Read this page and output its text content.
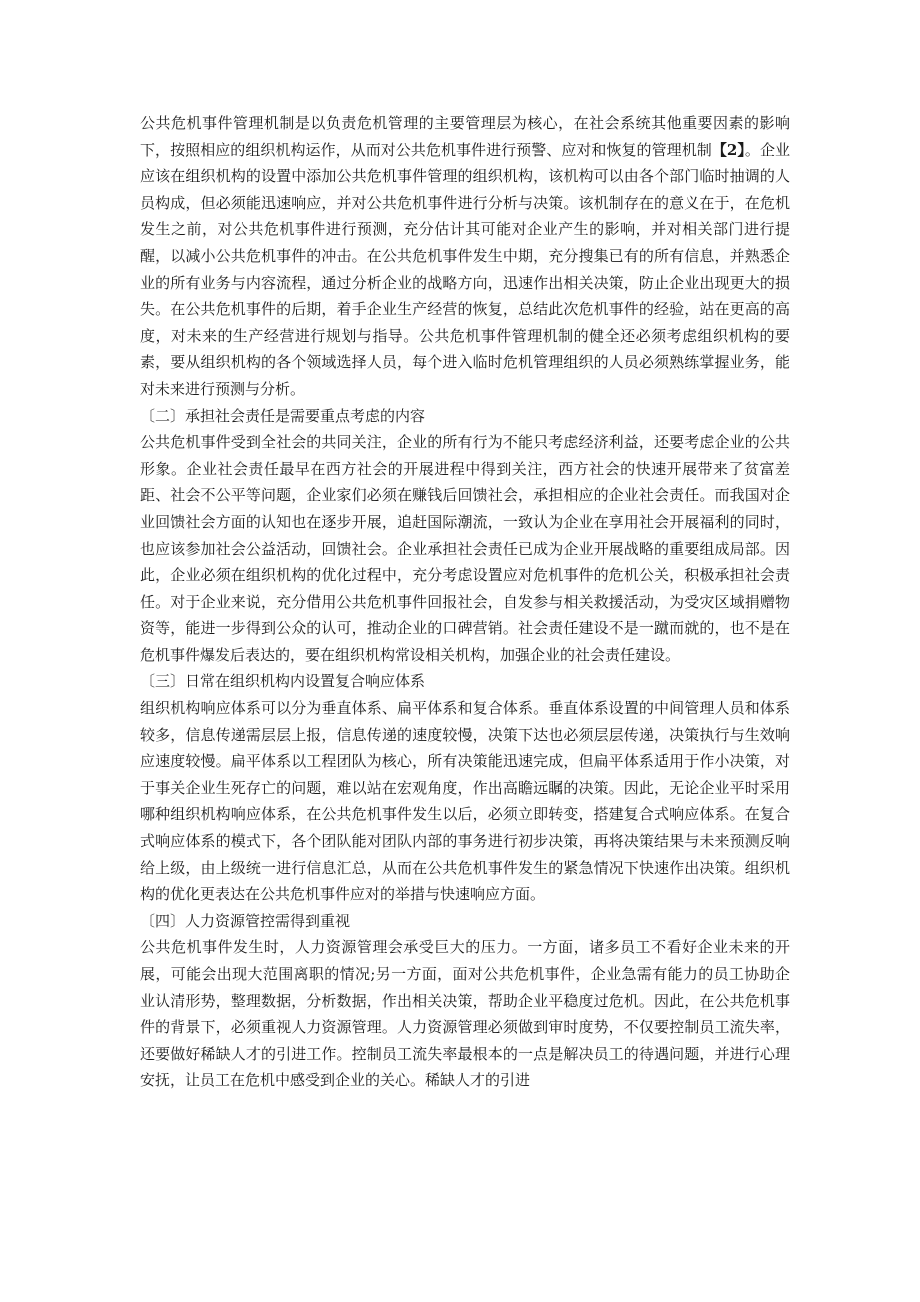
公共危机事件管理机制是以负责危机管理的主要管理层为核心，在社会系统其他重要因素的影响下，按照相应的组织机构运作，从而对公共危机事件进行预警、应对和恢复的管理机制【2】。企业应该在组织机构的设置中添加公共危机事件管理的组织机构，该机构可以由各个部门临时抽调的人员构成，但必须能迅速响应，并对公共危机事件进行分析与决策。该机制存在的意义在于，在危机发生之前，对公共危机事件进行预测，充分估计其可能对企业产生的影响，并对相关部门进行提醒，以减小公共危机事件的冲击。在公共危机事件发生中期，充分搜集已有的所有信息，并熟悉企业的所有业务与内容流程，通过分析企业的战略方向，迅速作出相关决策，防止企业出现更大的损失。在公共危机事件的后期，着手企业生产经营的恢复，总结此次危机事件的经验，站在更高的高度，对未来的生产经营进行规划与指导。公共危机事件管理机制的健全还必须考虑组织机构的要素，要从组织机构的各个领域选择人员，每个进入临时危机管理组织的人员必须熟练掌握业务，能对未来进行预测与分析。

〔二〕承担社会责任是需要重点考虑的内容

公共危机事件受到全社会的共同关注，企业的所有行为不能只考虑经济利益，还要考虑企业的公共形象。企业社会责任最早在西方社会的开展进程中得到关注，西方社会的快速开展带来了贫富差距、社会不公平等问题，企业家们必须在赚钱后回馈社会，承担相应的企业社会责任。而我国对企业回馈社会方面的认知也在逐步开展，追赶国际潮流，一致认为企业在享用社会开展福利的同时，也应该参加社会公益活动，回馈社会。企业承担社会责任已成为企业开展战略的重要组成局部。因此，企业必须在组织机构的优化过程中，充分考虑设置应对危机事件的危机公关，积极承担社会责任。对于企业来说，充分借用公共危机事件回报社会，自发参与相关救援活动，为受灾区域捐赠物资等，能进一步得到公众的认可，推动企业的口碑营销。社会责任建设不是一蹴而就的，也不是在危机事件爆发后表达的，要在组织机构常设相关机构，加强企业的社会责任建设。

〔三〕日常在组织机构内设置复合响应体系

组织机构响应体系可以分为垂直体系、扁平体系和复合体系。垂直体系设置的中间管理人员和体系较多，信息传递需层层上报，信息传递的速度较慢，决策下达也必须层层传递，决策执行与生效响应速度较慢。扁平体系以工程团队为核心，所有决策能迅速完成，但扁平体系适用于作小决策，对于事关企业生死存亡的问题，难以站在宏观角度，作出高瞻远瞩的决策。因此，无论企业平时采用哪种组织机构响应体系，在公共危机事件发生以后，必须立即转变，搭建复合式响应体系。在复合式响应体系的模式下，各个团队能对团队内部的事务进行初步决策，再将决策结果与未来预测反响给上级，由上级统一进行信息汇总，从而在公共危机事件发生的紧急情况下快速作出决策。组织机构的优化更表达在公共危机事件应对的举措与快速响应方面。

〔四〕人力资源管控需得到重视

公共危机事件发生时，人力资源管理会承受巨大的压力。一方面，诸多员工不看好企业未来的开展，可能会出现大范围离职的情况;另一方面，面对公共危机事件，企业急需有能力的员工协助企业认清形势，整理数据，分析数据，作出相关决策，帮助企业平稳度过危机。因此，在公共危机事件的背景下，必须重视人力资源管理。人力资源管理必须做到审时度势，不仅要控制员工流失率，还要做好稀缺人才的引进工作。控制员工流失率最根本的一点是解决员工的待遇问题，并进行心理安抚，让员工在危机中感受到企业的关心。稀缺人才的引进
